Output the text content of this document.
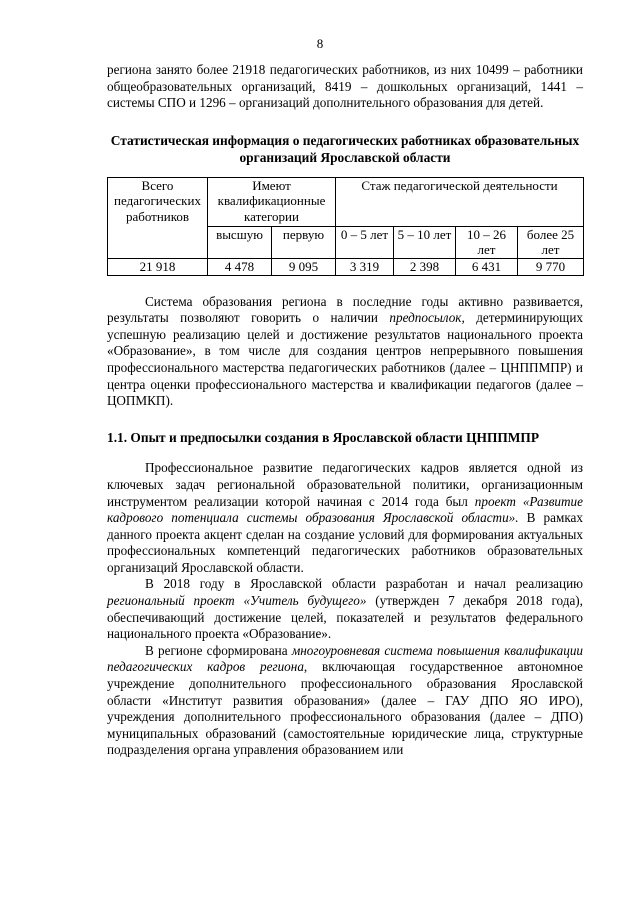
8

региона занято более 21918 педагогических работников, из них 10499 – работники общеобразовательных организаций, 8419 – дошкольных организаций, 1441 – системы СПО и 1296 – организаций дополнительного образования для детей.

Статистическая информация о педагогических работниках образовательных организаций Ярославской области
Всего педагогических работников	Имеют квалификационные категории		Стаж педагогической деятельности			
	высшую	первую	0 – 5 лет	5 – 10 лет	10 – 26 лет	более 25 лет
21 918	4 478	9 095	3 319	2 398	6 431	9 770

Система образования региона в последние годы активно развивается, результаты позволяют говорить о наличии предпосылок, детерминирующих успешную реализацию целей и достижение результатов национального проекта «Образование», в том числе для создания центров непрерывного повышения профессионального мастерства педагогических работников (далее – ЦНППМПР) и центра оценки профессионального мастерства и квалификации педагогов (далее – ЦОПМКП).

1.1. Опыт и предпосылки создания в Ярославской области ЦНППМПР

Профессиональное развитие педагогических кадров является одной из ключевых задач региональной образовательной политики, организационным инструментом реализации которой начиная с 2014 года был проект «Развитие кадрового потенциала системы образования Ярославской области». В рамках данного проекта акцент сделан на создание условий для формирования актуальных профессиональных компетенций педагогических работников образовательных организаций Ярославской области.

В 2018 году в Ярославской области разработан и начал реализацию региональный проект «Учитель будущего» (утвержден 7 декабря 2018 года), обеспечивающий достижение целей, показателей и результатов федерального национального проекта «Образование».

В регионе сформирована многоуровневая система повышения квалификации педагогических кадров региона, включающая государственное автономное учреждение дополнительного профессионального образования Ярославской области «Институт развития образования» (далее – ГАУ ДПО ЯО ИРО), учреждения дополнительного профессионального образования (далее – ДПО) муниципальных образований (самостоятельные юридические лица, структурные подразделения органа управления образованием или
